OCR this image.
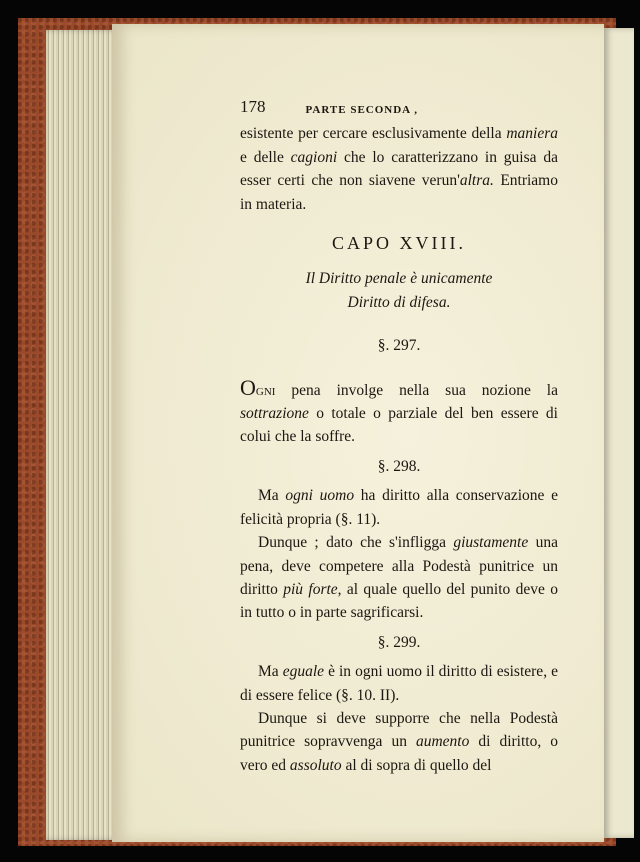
178	PARTE SECONDA ,

esistente per cercare esclusivamente della maniera e delle cagioni che lo caratterizzano in guisa da esser certi che non siavene verun'altra. Entriamo in materia.

CAPO XVIII.

Il Diritto penale è unicamente
Diritto di difesa.

§. 297.

Ogni pena involge nella sua nozione la sottrazione o totale o parziale del ben essere di colui che la soffre.

§. 298.

Ma ogni uomo ha diritto alla conservazione e felicità propria (§. 11).

Dunque ; dato che s'infligga giustamente una pena, deve competere alla Podestà punitrice un diritto più forte, al quale quello del punito deve o in tutto o in parte sagrificarsi.

§. 299.

Ma eguale è in ogni uomo il diritto di esistere, e di essere felice (§. 10. II).

Dunque si deve supporre che nella Podestà punitrice sopravvenga un aumento di diritto, o vero ed assoluto al di sopra di quello del
